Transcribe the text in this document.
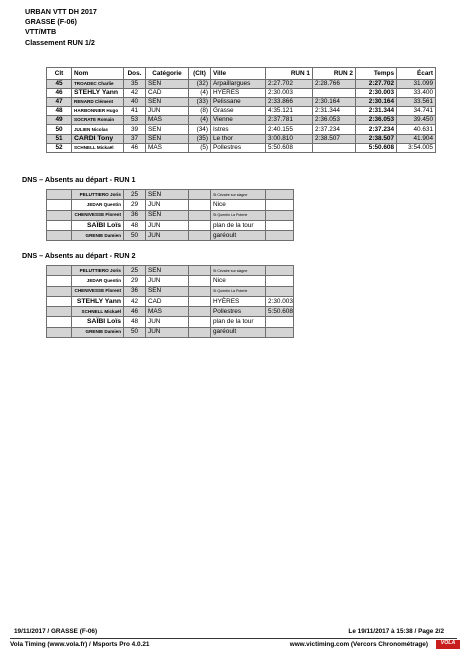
URBAN VTT DH 2017
GRASSE (F-06)
VTT/MTB
Classement RUN 1/2
Clt	Nom	Dos.	Catégorie	(Clt)	Ville	RUN 1	RUN 2	Temps	Écart
45	TROADEC Charlie	35	SEN	(32)	Arpaillargues	2:27.702	2:28.766	2:27.702	31.099
46	STEHLY Yann	42	CAD	(4)	HYÈRES	2:30.003		2:30.003	33.400
47	RENARD Clément	40	SEN	(33)	Pelissane	2:33.866	2:30.164	2:30.164	33.561
48	HARBONNIER Hugo	41	JUN	(8)	Grasse	4:35.121	2:31.344	2:31.344	34.741
49	SOCRATE Romain	53	MAS	(4)	Vienne	2:37.781	2:36.053	2:36.053	39.450
50	JULIEN Nicolas	39	SEN	(34)	Istres	2:40.155	2:37.234	2:37.234	40.631
51	CARDI Tony	37	SEN	(35)	Le thor	3:00.810	2:38.507	2:38.507	41.904
52	SCHNELL Mickaël	46	MAS	(5)	Pollestres	5:50.608		5:50.608	3:54.005
DNS – Absents au départ - RUN 1
	PELUTTIERO Joris	25	SEN		St Cézaire sur siagne	
	JEDAR Quentin	29	JUN		Nice	
	CHENIVESSE Florent	36	SEN		St Quentin La Poterie	
	SAÏBI Loïs	48	JUN		plan de la tour	
	GRENIE Damien	50	JUN		garéoult	
DNS – Absents au départ - RUN 2
	PELUTTIERO Joris	25	SEN		St Cézaire sur siagne	
	JEDAR Quentin	29	JUN		Nice	
	CHENIVESSE Florent	36	SEN		St Quentin La Poterie	
	STEHLY Yann	42	CAD		HYÈRES	2:30.003
	SCHNELL Mickaël	46	MAS		Pollestres	5:50.608
	SAÏBI Loïs	48	JUN		plan de la tour	
	GRENIE Damien	50	JUN		garéoult	
19/11/2017 / GRASSE (F-06)	Le 19/11/2017 à 15:38 / Page 2/2
Vola Timing (www.vola.fr) / Msports Pro 4.0.21	www.victiming.com (Vercors Chronométrage)	VOLA
SPORT TIMING
